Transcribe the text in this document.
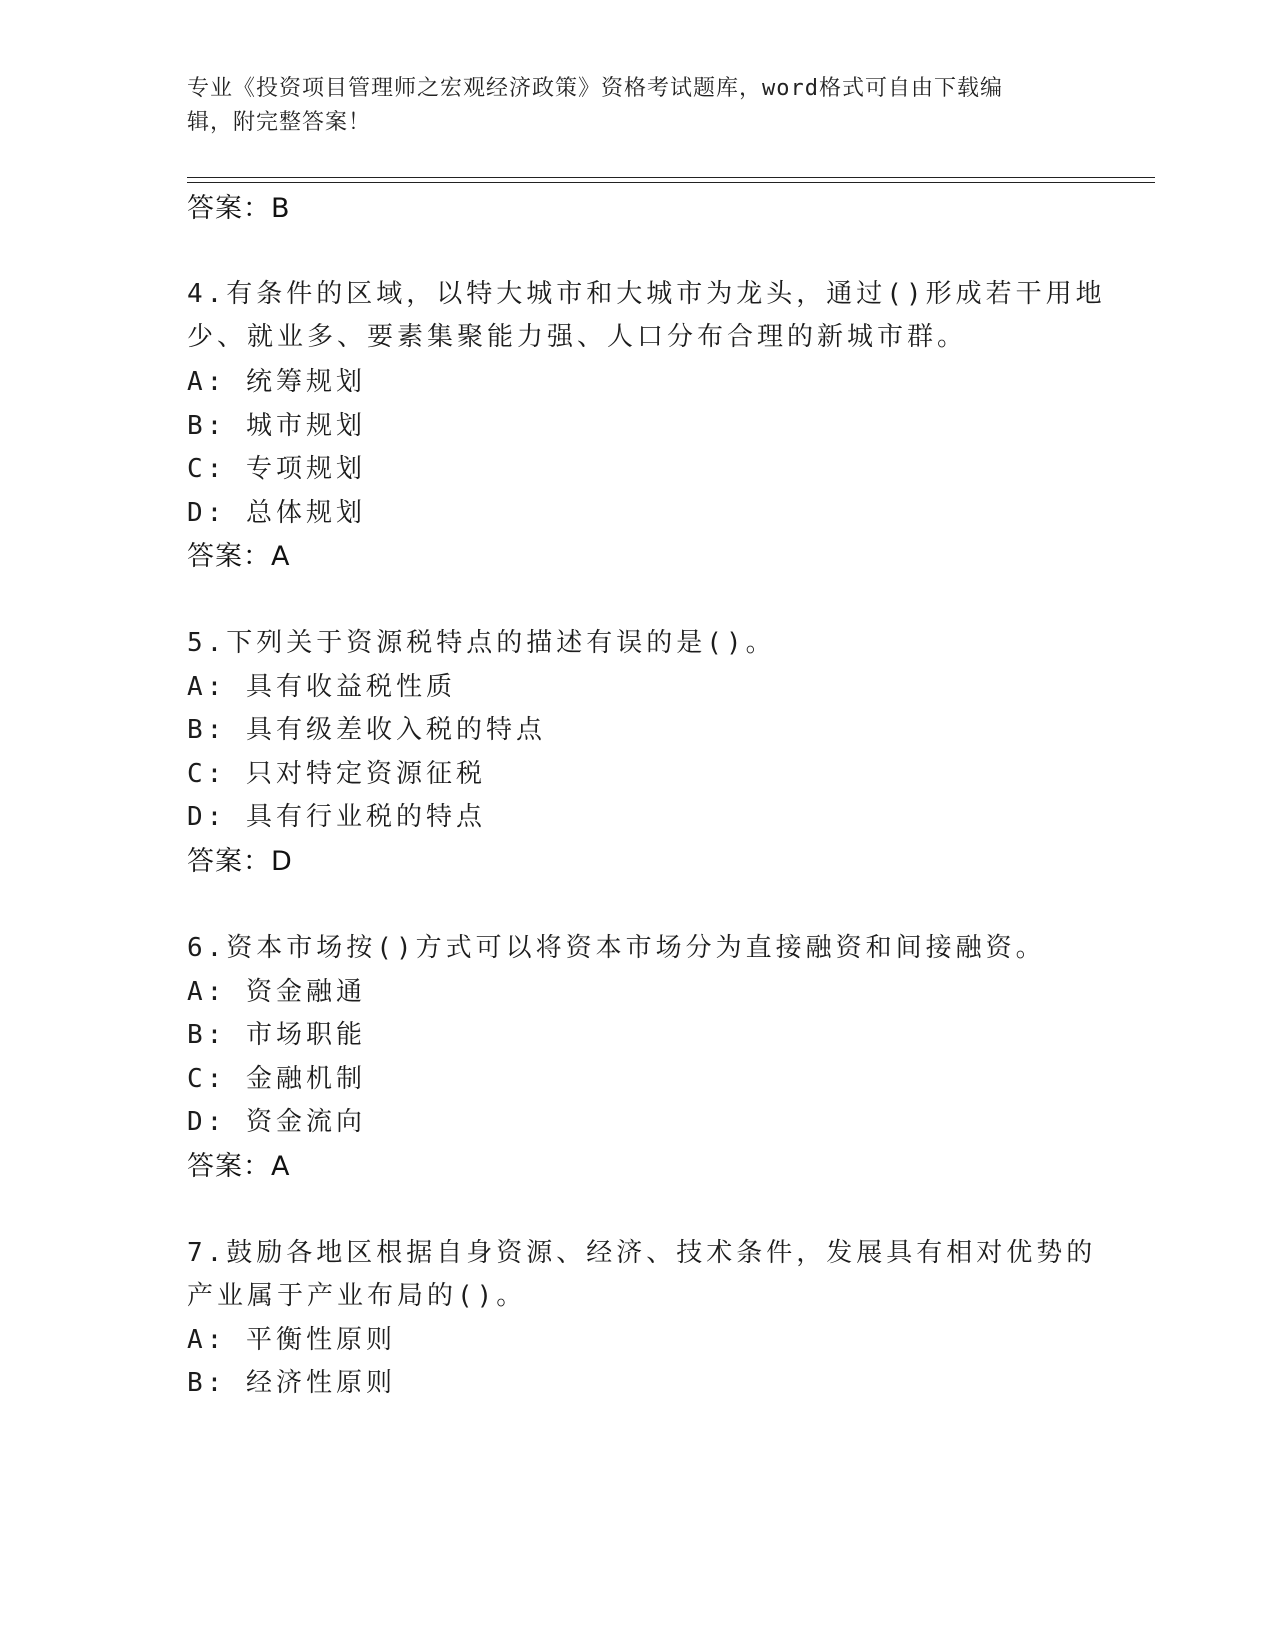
专业《投资项目管理师之宏观经济政策》资格考试题库，word格式可自由下载编
辑，附完整答案！
答案：B
4.有条件的区域，以特大城市和大城市为龙头，通过()形成若干用地
少、就业多、要素集聚能力强、人口分布合理的新城市群。
A: 统筹规划
B: 城市规划
C: 专项规划
D: 总体规划
答案：A
5.下列关于资源税特点的描述有误的是()。
A: 具有收益税性质
B: 具有级差收入税的特点
C: 只对特定资源征税
D: 具有行业税的特点
答案：D
6.资本市场按()方式可以将资本市场分为直接融资和间接融资。
A: 资金融通
B: 市场职能
C: 金融机制
D: 资金流向
答案：A
7.鼓励各地区根据自身资源、经济、技术条件，发展具有相对优势的
产业属于产业布局的()。
A: 平衡性原则
B: 经济性原则
